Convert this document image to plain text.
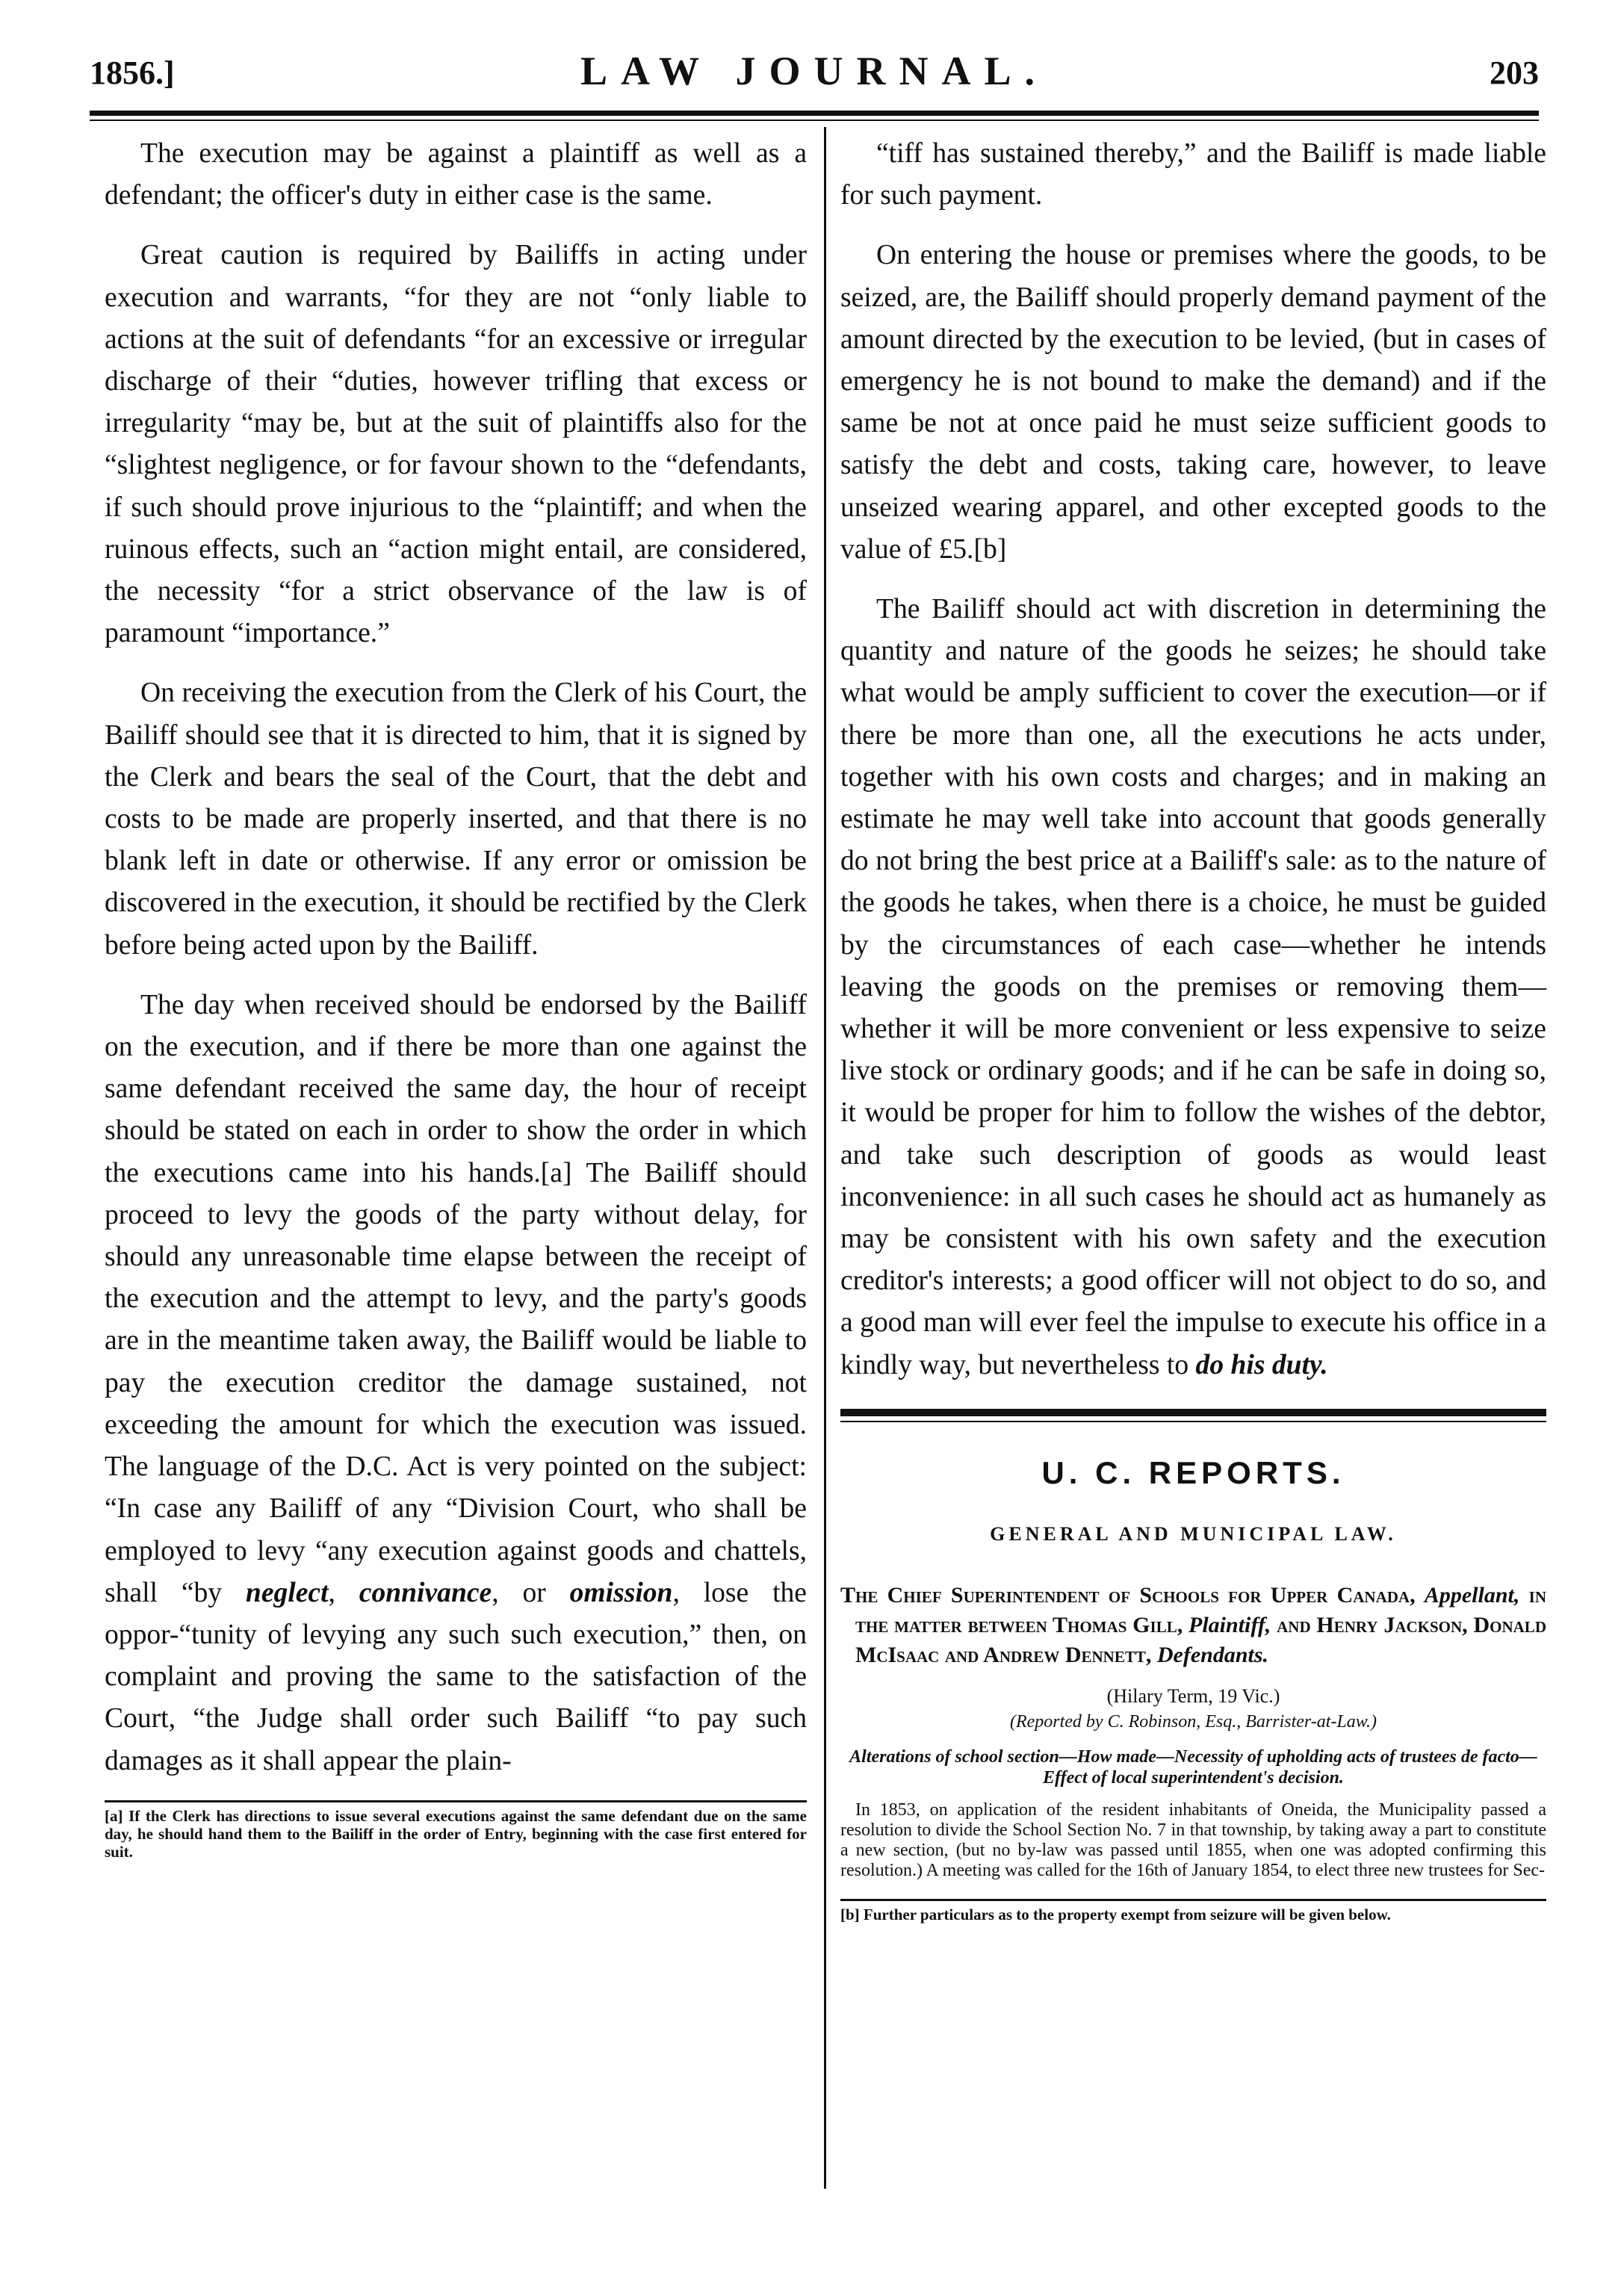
1856.]	LAW JOURNAL.	203

The execution may be against a plaintiff as well as a defendant; the officer's duty in either case is the same.

Great caution is required by Bailiffs in acting under execution and warrants, “for they are not “only liable to actions at the suit of defendants “for an excessive or irregular discharge of their “duties, however trifling that excess or irregularity “may be, but at the suit of plaintiffs also for the “slightest negligence, or for favour shown to the “defendants, if such should prove injurious to the “plaintiff; and when the ruinous effects, such an “action might entail, are considered, the necessity “for a strict observance of the law is of paramount “importance.”

On receiving the execution from the Clerk of his Court, the Bailiff should see that it is directed to him, that it is signed by the Clerk and bears the seal of the Court, that the debt and costs to be made are properly inserted, and that there is no blank left in date or otherwise. If any error or omission be discovered in the execution, it should be rectified by the Clerk before being acted upon by the Bailiff.

The day when received should be endorsed by the Bailiff on the execution, and if there be more than one against the same defendant received the same day, the hour of receipt should be stated on each in order to show the order in which the executions came into his hands.[a] The Bailiff should proceed to levy the goods of the party without delay, for should any unreasonable time elapse between the receipt of the execution and the attempt to levy, and the party's goods are in the meantime taken away, the Bailiff would be liable to pay the execution creditor the damage sustained, not exceeding the amount for which the execution was issued. The language of the D.C. Act is very pointed on the subject: “In case any Bailiff of any “Division Court, who shall be employed to levy “any execution against goods and chattels, shall “by neglect, connivance, or omission, lose the oppor-“tunity of levying any such such execution,” then, on complaint and proving the same to the satisfaction of the Court, “the Judge shall order such Bailiff “to pay such damages as it shall appear the plain-

[a] If the Clerk has directions to issue several executions against the same defendant due on the same day, he should hand them to the Bailiff in the order of Entry, beginning with the case first entered for suit.

“tiff has sustained thereby,” and the Bailiff is made liable for such payment.

On entering the house or premises where the goods, to be seized, are, the Bailiff should properly demand payment of the amount directed by the execution to be levied, (but in cases of emergency he is not bound to make the demand) and if the same be not at once paid he must seize sufficient goods to satisfy the debt and costs, taking care, however, to leave unseized wearing apparel, and other excepted goods to the value of £5.[b]

The Bailiff should act with discretion in determining the quantity and nature of the goods he seizes; he should take what would be amply sufficient to cover the execution—or if there be more than one, all the executions he acts under, together with his own costs and charges; and in making an estimate he may well take into account that goods generally do not bring the best price at a Bailiff's sale: as to the nature of the goods he takes, when there is a choice, he must be guided by the circumstances of each case—whether he intends leaving the goods on the premises or removing them—whether it will be more convenient or less expensive to seize live stock or ordinary goods; and if he can be safe in doing so, it would be proper for him to follow the wishes of the debtor, and take such description of goods as would least inconvenience: in all such cases he should act as humanely as may be consistent with his own safety and the execution creditor's interests; a good officer will not object to do so, and a good man will ever feel the impulse to execute his office in a kindly way, but nevertheless to do his duty.

U. C. REPORTS.

GENERAL AND MUNICIPAL LAW.

The Chief Superintendent of Schools for Upper Canada, Appellant, in the matter between Thomas Gill, Plaintiff, and Henry Jackson, Donald McIsaac and Andrew Dennett, Defendants.

(Hilary Term, 19 Vic.)

(Reported by C. Robinson, Esq., Barrister-at-Law.)

Alterations of school section—How made—Necessity of upholding acts of trustees de facto—Effect of local superintendent's decision.

In 1853, on application of the resident inhabitants of Oneida, the Municipality passed a resolution to divide the School Section No. 7 in that township, by taking away a part to constitute a new section, (but no by-law was passed until 1855, when one was adopted confirming this resolution.) A meeting was called for the 16th of January 1854, to elect three new trustees for Sec-

[b] Further particulars as to the property exempt from seizure will be given below.
